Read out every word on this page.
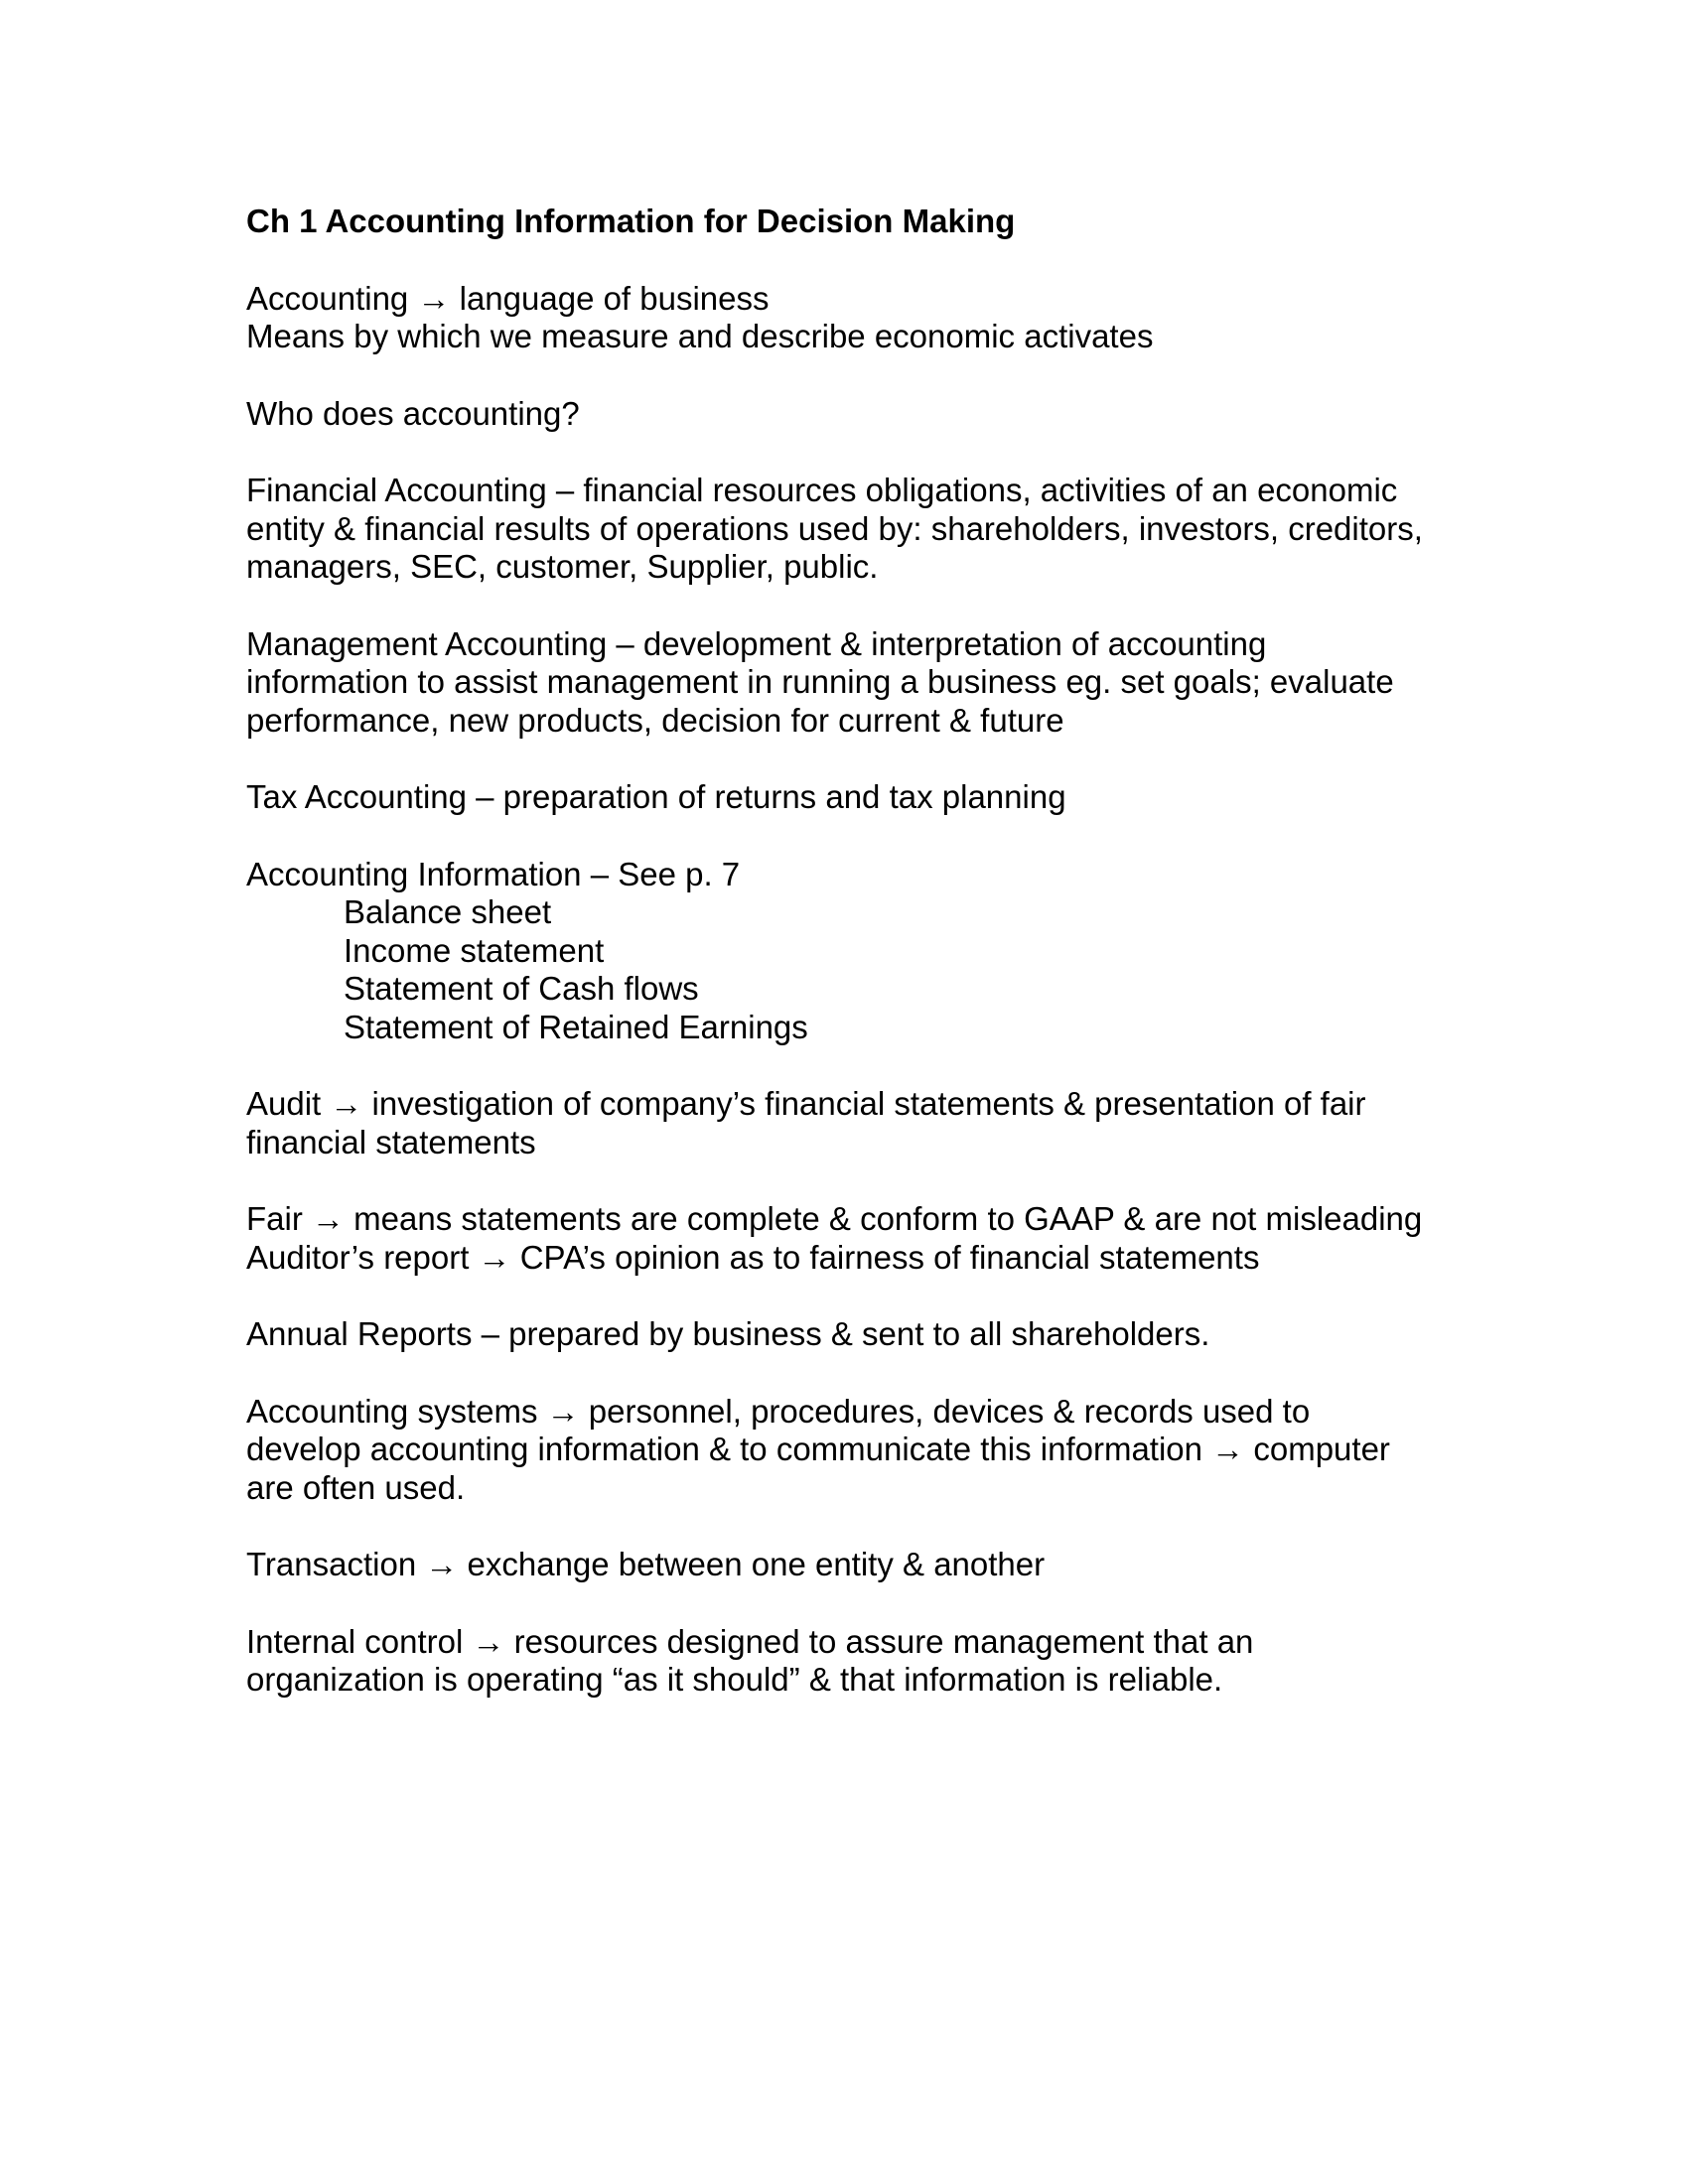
Ch 1 Accounting Information for Decision Making
Accounting → language of business
Means by which we measure and describe economic activates
Who does accounting?
Financial Accounting – financial resources obligations, activities of an economic
entity & financial results of operations used by: shareholders, investors, creditors,
managers, SEC, customer, Supplier, public.
Management Accounting – development & interpretation of accounting
information to assist management in running a business eg. set goals; evaluate
performance, new products, decision for current & future
Tax Accounting – preparation of returns and tax planning
Accounting Information – See p. 7
Balance sheet
Income statement
Statement of Cash flows
Statement of Retained Earnings
Audit → investigation of company’s financial statements & presentation of fair
financial statements
Fair → means statements are complete & conform to GAAP & are not misleading
Auditor’s report → CPA’s opinion as to fairness of financial statements
Annual Reports – prepared by business & sent to all shareholders.
Accounting systems → personnel, procedures, devices & records used to
develop accounting information & to communicate this information → computer
are often used.
Transaction → exchange between one entity & another
Internal control → resources designed to assure management that an
organization is operating “as it should” & that information is reliable.
